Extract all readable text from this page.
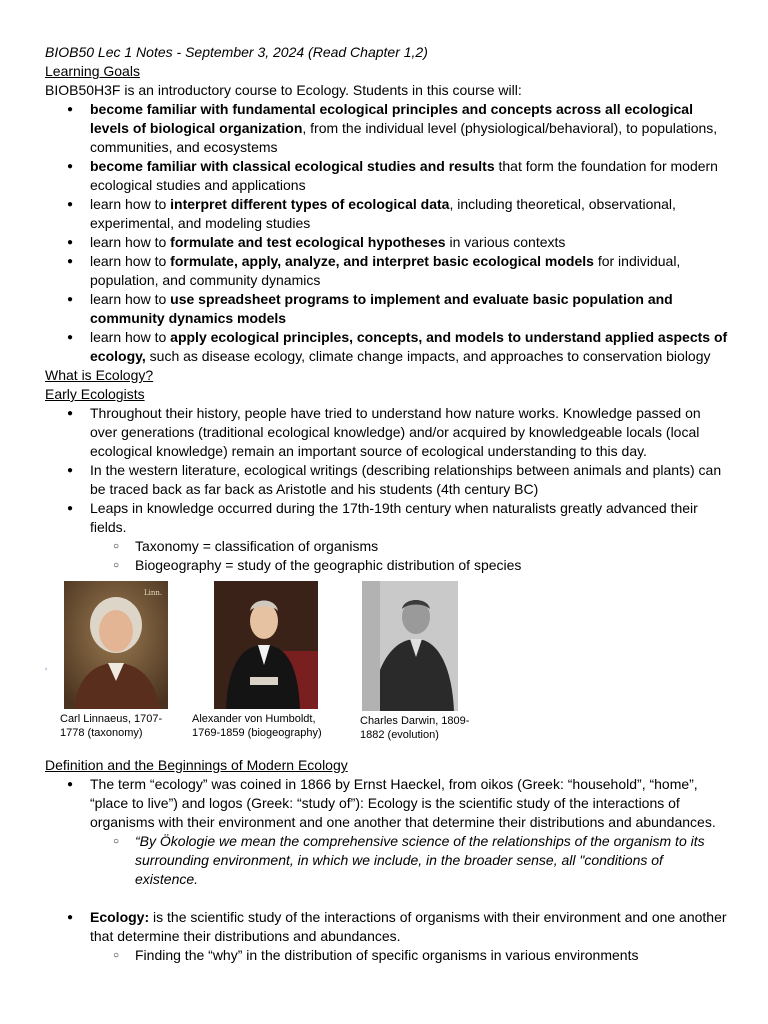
BIOB50 Lec 1 Notes - September 3, 2024 (Read Chapter 1,2)

Learning Goals

BIOB50H3F is an introductory course to Ecology. Students in this course will:

● become familiar with fundamental ecological principles and concepts across all ecological levels of biological organization, from the individual level (physiological/behavioral), to populations, communities, and ecosystems
● become familiar with classical ecological studies and results that form the foundation for modern ecological studies and applications
● learn how to interpret different types of ecological data, including theoretical, observational, experimental, and modeling studies
● learn how to formulate and test ecological hypotheses in various contexts
● learn how to formulate, apply, analyze, and interpret basic ecological models for individual, population, and community dynamics
● learn how to use spreadsheet programs to implement and evaluate basic population and community dynamics models
● learn how to apply ecological principles, concepts, and models to understand applied aspects of ecology, such as disease ecology, climate change impacts, and approaches to conservation biology

What is Ecology?

Early Ecologists

● Throughout their history, people have tried to understand how nature works. Knowledge passed on over generations (traditional ecological knowledge) and/or acquired by knowledgeable locals (local ecological knowledge) remain an important source of ecological understanding to this day.
● In the western literature, ecological writings (describing relationships between animals and plants) can be traced back as far back as Aristotle and his students (4th century BC)
● Leaps in knowledge occurred during the 17th-19th century when naturalists greatly advanced their fields.
○ Taxonomy = classification of organisms
○ Biogeography = study of the geographic distribution of species
‚
Linn.
Carl Linnaeus, 1707-
1778 (taxonomy)
Alexander von Humboldt,
1769-1859 (biogeography)
Charles Darwin, 1809-
1882 (evolution)

Definition and the Beginnings of Modern Ecology

● The term “ecology” was coined in 1866 by Ernst Haeckel, from oikos (Greek: “household”, “home”, “place to live”) and logos (Greek: “study of”): Ecology is the scientific study of the interactions of organisms with their environment and one another that determine their distributions and abundances.
○ “By Ökologie we mean the comprehensive science of the relationships of the organism to its surrounding environment, in which we include, in the broader sense, all "conditions of existence.
● Ecology: is the scientific study of the interactions of organisms with their environment and one another that determine their distributions and abundances.
○ Finding the “why” in the distribution of specific organisms in various environments
